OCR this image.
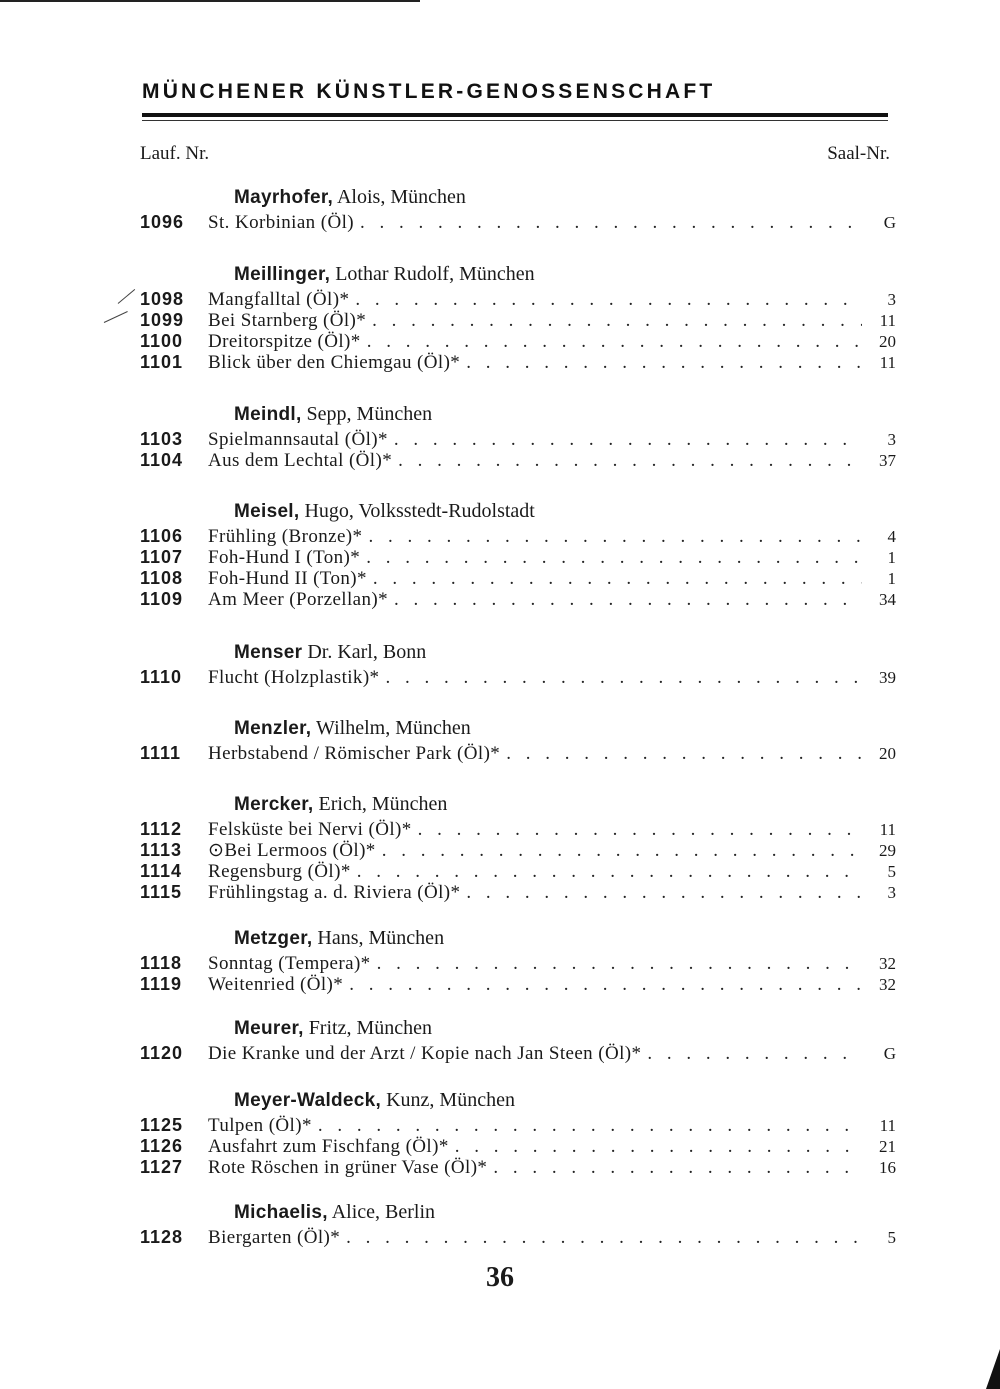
MÜNCHENER KÜNSTLER-GENOSSENSCHAFT
Lauf. Nr.	Saal-Nr.
Mayrhofer, Alois, München
1096	St. Korbinian (Öl) . . .	G
Meillinger, Lothar Rudolf, München
1098	Mangfalltal (Öl)* . . .	3
1099	Bei Starnberg (Öl)* . . .	11
1100	Dreitorspitze (Öl)* . . .	20
1101	Blick über den Chiemgau (Öl)* . . .	11
Meindl, Sepp, München
1103	Spielmannsautal (Öl)* . . .	3
1104	Aus dem Lechtal (Öl)* . . .	37
Meisel, Hugo, Volksstedt-Rudolstadt
1106	Frühling (Bronze)* . . .	4
1107	Foh-Hund I (Ton)* . . .	1
1108	Foh-Hund II (Ton)* . . .	1
1109	Am Meer (Porzellan)* . . .	34
Menser Dr. Karl, Bonn
1110	Flucht (Holzplastik)* . . .	39
Menzler, Wilhelm, München
1111	Herbstabend / Römischer Park (Öl)* . . .	20
Mercker, Erich, München
1112	Felsküste bei Nervi (Öl)* . . .	11
1113	⊙Bei Lermoos (Öl)* . . .	29
1114	Regensburg (Öl)* . . .	5
1115	Frühlingstag a. d. Riviera (Öl)* . . .	3
Metzger, Hans, München
1118	Sonntag (Tempera)* . . .	32
1119	Weitenried (Öl)* . . .	32
Meurer, Fritz, München
1120	Die Kranke und der Arzt / Kopie nach Jan Steen (Öl)* . . .	G
Meyer-Waldeck, Kunz, München
1125	Tulpen (Öl)* . . .	11
1126	Ausfahrt zum Fischfang (Öl)* . . .	21
1127	Rote Röschen in grüner Vase (Öl)* . . .	16
Michaelis, Alice, Berlin
1128	Biergarten (Öl)* . . .	5
36
